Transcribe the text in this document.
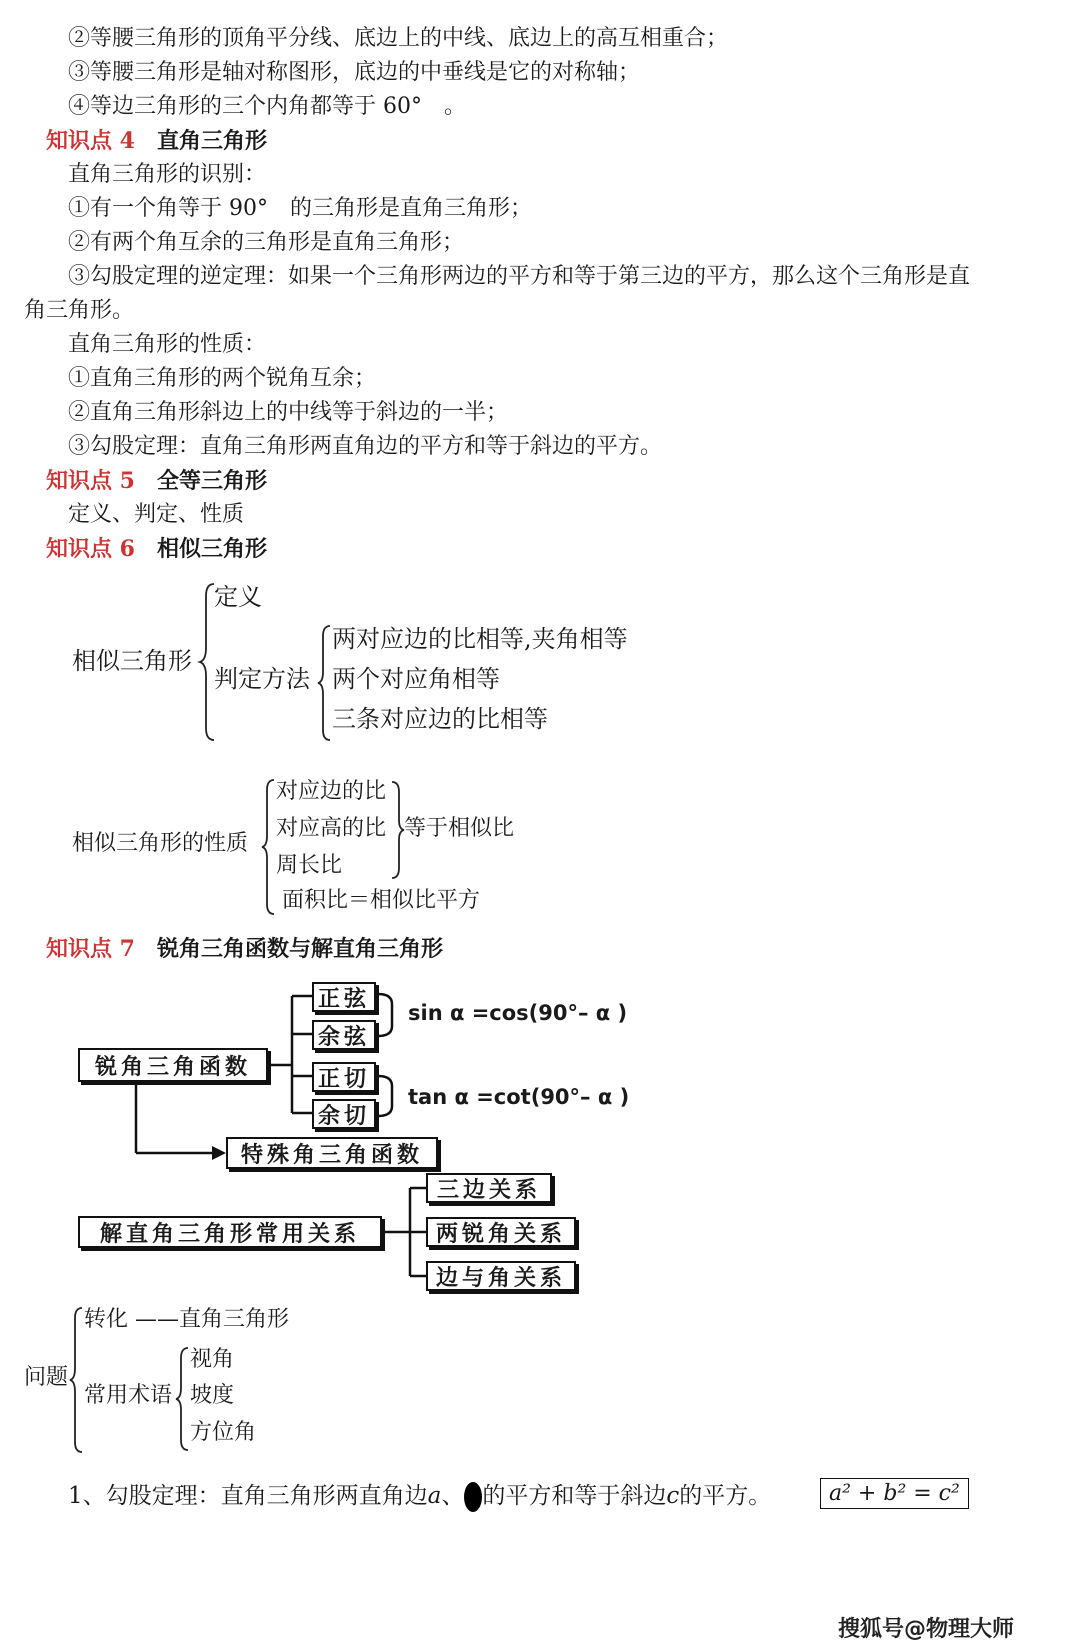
②等腰三角形的顶角平分线、底边上的中线、底边上的高互相重合；
③等腰三角形是轴对称图形，底边的中垂线是它的对称轴；
④等边三角形的三个内角都等于 60°　。
知识点 4 直角三角形
直角三角形的识别：
①有一个角等于 90°　的三角形是直角三角形；
②有两个角互余的三角形是直角三角形；
③勾股定理的逆定理：如果一个三角形两边的平方和等于第三边的平方，那么这个三角形是直
角三角形。
直角三角形的性质：
①直角三角形的两个锐角互余；
②直角三角形斜边上的中线等于斜边的一半；
③勾股定理：直角三角形两直角边的平方和等于斜边的平方。
知识点 5 全等三角形
定义、判定、性质
知识点 6 相似三角形
相似三角形
定义
判定方法
两对应边的比相等,夹角相等
两个对应角相等
三条对应边的比相等
相似三角形的性质
对应边的比
对应高的比
周长比
等于相似比
面积比＝相似比平方
知识点 7 锐角三角函数与解直角三角形
锐角三角函数
正弦
余弦
正切
余切
sin α =cos(90°– α )
tan α =cot(90°– α )
特殊角三角函数
解直角三角形常用关系
三边关系
两锐角关系
边与角关系
问题
转化 ——直角三角形
常用术语
视角
坡度
方位角
1、勾股定理：直角三角形两直角边a、 的平方和等于斜边c的平方。	a² + b² = c²
搜狐号@物理大师
